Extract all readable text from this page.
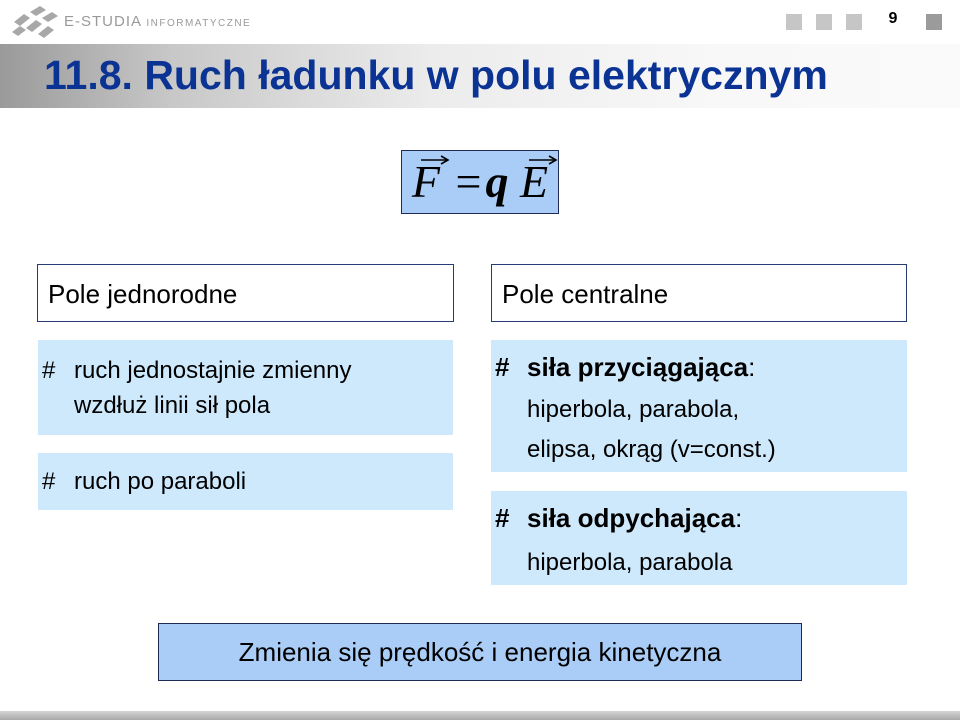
E-STUDIA INFORMATYCZNE	9
11.8. Ruch ładunku w polu elektrycznym
F =q E
Pole jednorodne
# ruch jednostajnie zmienny
wzdłuż linii sił pola
# ruch po paraboli
Pole centralne
# siła przyciągająca:
hiperbola, parabola,
elipsa, okrąg (v=const.)
# siła odpychająca:
hiperbola, parabola
Zmienia się prędkość i energia kinetyczna
